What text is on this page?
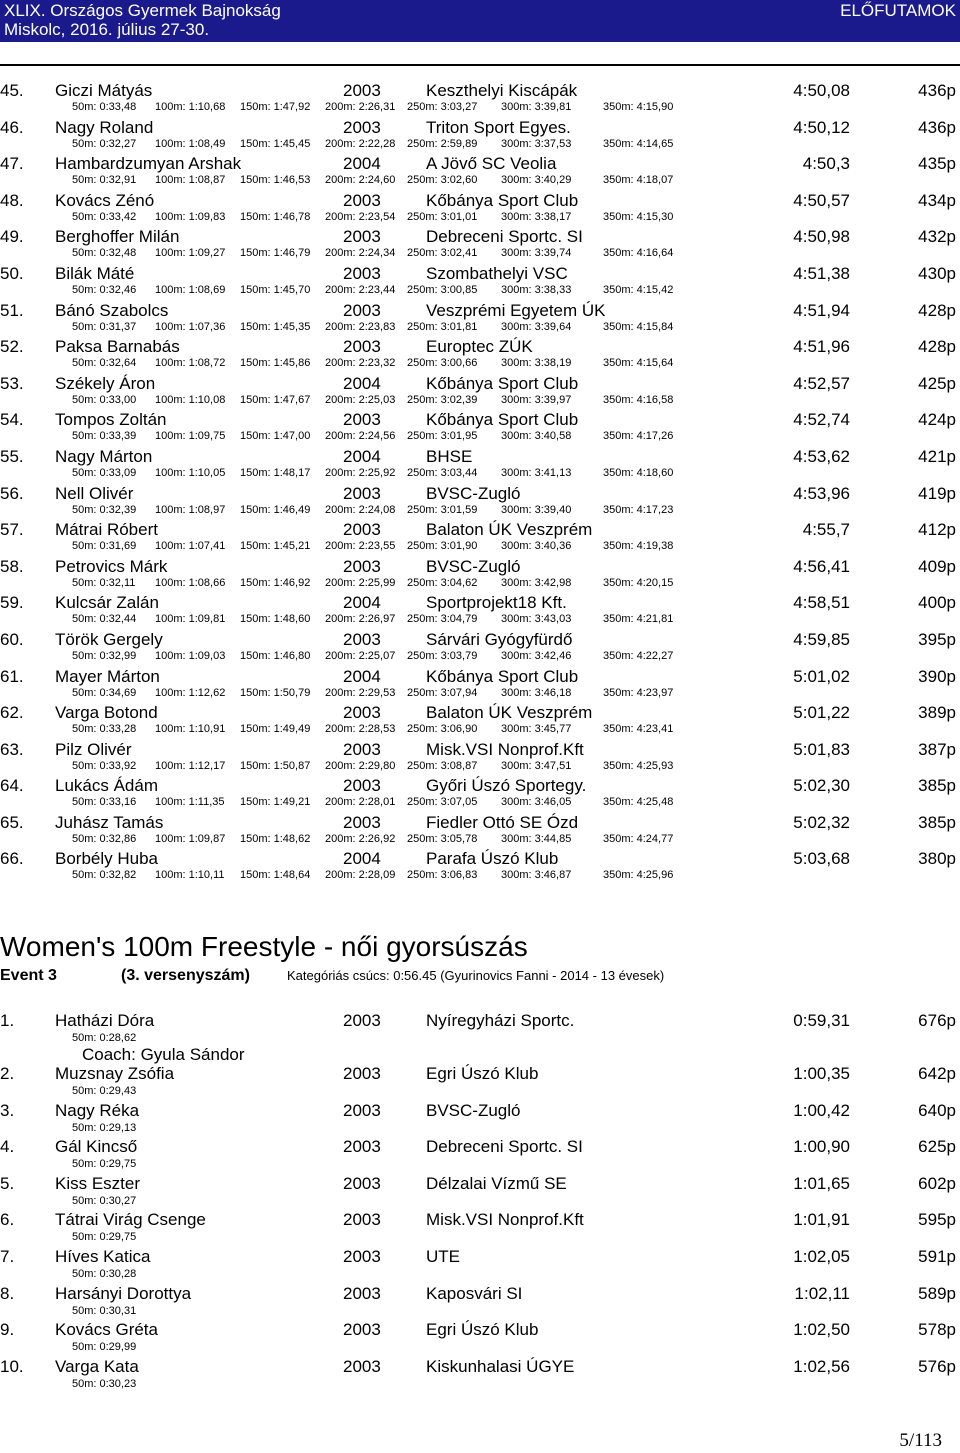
XLIX. Országos Gyermek Bajnokság
Miskolc, 2016. július 27-30.
ELŐFUTAMOK
45. Giczi Mátyás	2003	Keszthelyi Kiscápák	4:50,08	436p
50m: 0:33,48 100m: 1:10,68 150m: 1:47,92 200m: 2:26,31 250m: 3:03,27 300m: 3:39,81	350m: 4:15,90
46. Nagy Roland	2003	Triton Sport Egyes.	4:50,12	436p
50m: 0:32,27 100m: 1:08,49 150m: 1:45,45 200m: 2:22,28 250m: 2:59,89 300m: 3:37,53	350m: 4:14,65
47. Hambardzumyan Arshak	2004	A Jövő SC Veolia	4:50,3	435p
50m: 0:32,91 100m: 1:08,87 150m: 1:46,53 200m: 2:24,60 250m: 3:02,60 300m: 3:40,29	350m: 4:18,07
48. Kovács Zénó	2003	Kőbánya Sport Club	4:50,57	434p
50m: 0:33,42 100m: 1:09,83 150m: 1:46,78 200m: 2:23,54 250m: 3:01,01 300m: 3:38,17	350m: 4:15,30
49. Berghoffer Milán	2003	Debreceni Sportc. SI	4:50,98	432p
50m: 0:32,48 100m: 1:09,27 150m: 1:46,79 200m: 2:24,34 250m: 3:02,41 300m: 3:39,74	350m: 4:16,64
50. Bilák Máté	2003	Szombathelyi VSC	4:51,38	430p
50m: 0:32,46 100m: 1:08,69 150m: 1:45,70 200m: 2:23,44 250m: 3:00,85 300m: 3:38,33	350m: 4:15,42
51. Bánó Szabolcs	2003	Veszprémi Egyetem ÚK	4:51,94	428p
50m: 0:31,37 100m: 1:07,36 150m: 1:45,35 200m: 2:23,83 250m: 3:01,81 300m: 3:39,64	350m: 4:15,84
52. Paksa Barnabás	2003	Europtec ZÚK	4:51,96	428p
50m: 0:32,64 100m: 1:08,72 150m: 1:45,86 200m: 2:23,32 250m: 3:00,66 300m: 3:38,19	350m: 4:15,64
53. Székely Áron	2004	Kőbánya Sport Club	4:52,57	425p
50m: 0:33,00 100m: 1:10,08 150m: 1:47,67 200m: 2:25,03 250m: 3:02,39 300m: 3:39,97	350m: 4:16,58
54. Tompos Zoltán	2003	Kőbánya Sport Club	4:52,74	424p
50m: 0:33,39 100m: 1:09,75 150m: 1:47,00 200m: 2:24,56 250m: 3:01,95 300m: 3:40,58	350m: 4:17,26
55. Nagy Márton	2004	BHSE	4:53,62	421p
50m: 0:33,09 100m: 1:10,05 150m: 1:48,17 200m: 2:25,92 250m: 3:03,44 300m: 3:41,13	350m: 4:18,60
56. Nell Olivér	2003	BVSC-Zugló	4:53,96	419p
50m: 0:32,39 100m: 1:08,97 150m: 1:46,49 200m: 2:24,08 250m: 3:01,59 300m: 3:39,40	350m: 4:17,23
57. Mátrai Róbert	2003	Balaton ÚK Veszprém	4:55,7	412p
50m: 0:31,69 100m: 1:07,41 150m: 1:45,21 200m: 2:23,55 250m: 3:01,90 300m: 3:40,36	350m: 4:19,38
58. Petrovics Márk	2003	BVSC-Zugló	4:56,41	409p
50m: 0:32,11 100m: 1:08,66 150m: 1:46,92 200m: 2:25,99 250m: 3:04,62 300m: 3:42,98	350m: 4:20,15
59. Kulcsár Zalán	2004	Sportprojekt18 Kft.	4:58,51	400p
50m: 0:32,44 100m: 1:09,81 150m: 1:48,60 200m: 2:26,97 250m: 3:04,79 300m: 3:43,03	350m: 4:21,81
60. Török Gergely	2003	Sárvári Gyógyfürdő	4:59,85	395p
50m: 0:32,99 100m: 1:09,03 150m: 1:46,80 200m: 2:25,07 250m: 3:03,79 300m: 3:42,46	350m: 4:22,27
61. Mayer Márton	2004	Kőbánya Sport Club	5:01,02	390p
50m: 0:34,69 100m: 1:12,62 150m: 1:50,79 200m: 2:29,53 250m: 3:07,94 300m: 3:46,18	350m: 4:23,97
62. Varga Botond	2003	Balaton ÚK Veszprém	5:01,22	389p
50m: 0:33,28 100m: 1:10,91 150m: 1:49,49 200m: 2:28,53 250m: 3:06,90 300m: 3:45,77	350m: 4:23,41
63. Pilz Olivér	2003	Misk.VSI Nonprof.Kft	5:01,83	387p
50m: 0:33,92 100m: 1:12,17 150m: 1:50,87 200m: 2:29,80 250m: 3:08,87 300m: 3:47,51	350m: 4:25,93
64. Lukács Ádám	2003	Győri Úszó Sportegy.	5:02,30	385p
50m: 0:33,16 100m: 1:11,35 150m: 1:49,21 200m: 2:28,01 250m: 3:07,05 300m: 3:46,05	350m: 4:25,48
65. Juhász Tamás	2003	Fiedler Ottó SE Ózd	5:02,32	385p
50m: 0:32,86 100m: 1:09,87 150m: 1:48,62 200m: 2:26,92 250m: 3:05,78 300m: 3:44,85	350m: 4:24,77
66. Borbély Huba	2004	Parafa Úszó Klub	5:03,68	380p
50m: 0:32,82 100m: 1:10,11 150m: 1:48,64 200m: 2:28,09 250m: 3:06,83 300m: 3:46,87	350m: 4:25,96
Women's 100m Freestyle - női gyorsúszás
Event 3	(3. versenyszám)	Kategóriás csúcs: 0:56.45 (Gyurinovics Fanni - 2014 - 13 évesek)
1. Hatházi Dóra	2003	Nyíregyházi Sportc.	0:59,31	676p
50m: 0:28,62
Coach: Gyula Sándor
2. Muzsnay Zsófia	2003	Egri Úszó Klub	1:00,35	642p
50m: 0:29,43
3. Nagy Réka	2003	BVSC-Zugló	1:00,42	640p
50m: 0:29,13
4. Gál Kincső	2003	Debreceni Sportc. SI	1:00,90	625p
50m: 0:29,75
5. Kiss Eszter	2003	Délzalai Vízmű SE	1:01,65	602p
50m: 0:30,27
6. Tátrai Virág Csenge	2003	Misk.VSI Nonprof.Kft	1:01,91	595p
50m: 0:29,75
7. Híves Katica	2003	UTE	1:02,05	591p
50m: 0:30,28
8. Harsányi Dorottya	2003	Kaposvári SI	1:02,11	589p
50m: 0:30,31
9. Kovács Gréta	2003	Egri Úszó Klub	1:02,50	578p
50m: 0:29,99
10. Varga Kata	2003	Kiskunhalasi ÚGYE	1:02,56	576p
50m: 0:30,23
5/113
